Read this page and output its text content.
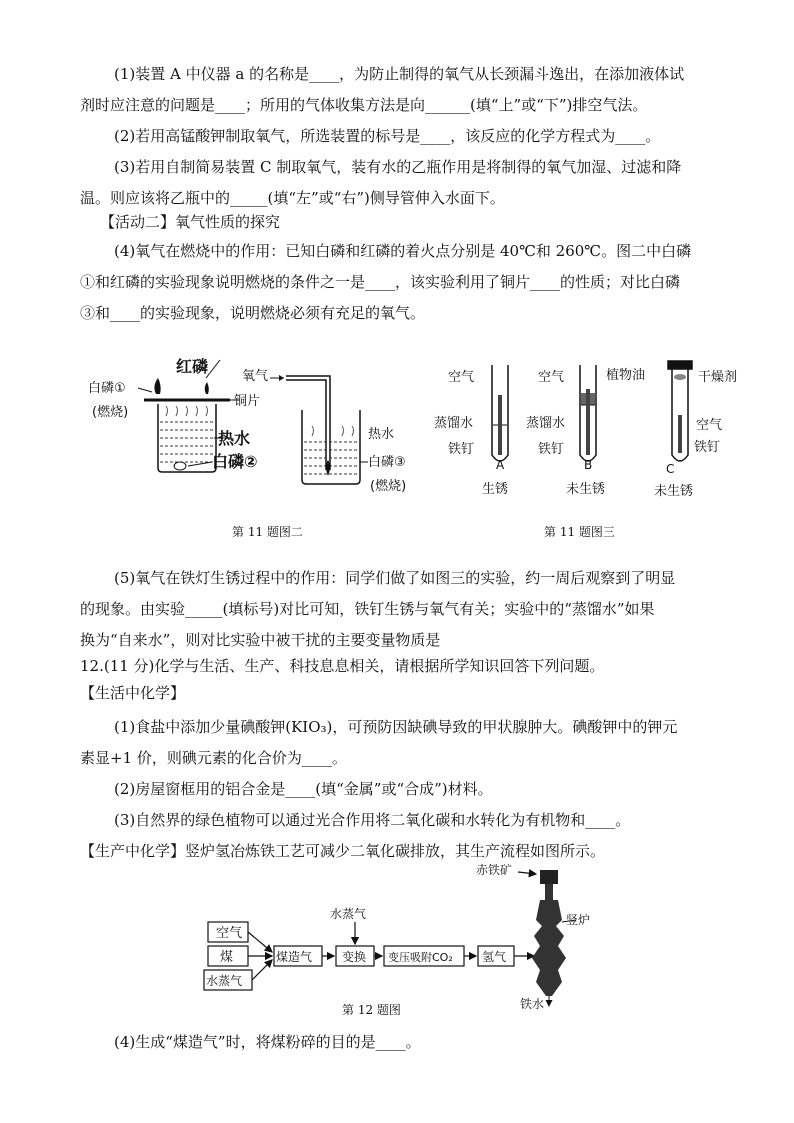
(1)装置 A 中仪器 a 的名称是____，为防止制得的氧气从长颈漏斗逸出，在添加液体试
剂时应注意的问题是____；所用的气体收集方法是向______(填“上”或“下”)排空气法。
(2)若用高锰酸钾制取氧气，所选装置的标号是____，该反应的化学方程式为____。
(3)若用自制简易装置 C 制取氧气，装有水的乙瓶作用是将制得的氧气加湿、过滤和降
温。则应该将乙瓶中的_____(填“左”或“右”)侧导管伸入水面下。
【活动二】氧气性质的探究
(4)氧气在燃烧中的作用：已知白磷和红磷的着火点分别是 40℃和 260℃。图二中白磷
①和红磷的实验现象说明燃烧的条件之一是____，该实验利用了铜片____的性质；对比白磷
③和____的实验现象，说明燃烧必须有充足的氧气。
红磷
白磷①
(燃烧)
铜片
热水
白磷②
氧气
热水
白磷③
(燃烧)
第 11 题图二
空气
蒸馏水
铁钉
A
生锈
空气	植物油
蒸馏水
铁钉
B
未生锈
干燥剂
空气
铁钉
C
未生锈
第 11 题图三
(5)氧气在铁灯生锈过程中的作用：同学们做了如图三的实验，约一周后观察到了明显
的现象。由实验_____(填标号)对比可知，铁钉生锈与氧气有关；实验中的“蒸馏水”如果
换为“自来水”，则对比实验中被干扰的主要变量物质是
12.(11 分)化学与生活、生产、科技息息相关，请根据所学知识回答下列问题。
【生活中化学】
(1)食盐中添加少量碘酸钾(KIO₃)，可预防因缺碘导致的甲状腺肿大。碘酸钾中的钾元
素显+1 价，则碘元素的化合价为____。
(2)房屋窗框用的铝合金是____(填“金属”或“合成”)材料。
(3)自然界的绿色植物可以通过光合作用将二氧化碳和水转化为有机物和____。
【生产中化学】竖炉氢冶炼铁工艺可减少二氧化碳排放，其生产流程如图所示。
空气
煤
水蒸气
煤造气
水蒸气
变换 变压吸附CO₂ 氢气
赤铁矿
竖炉
铁水
第 12 题图
(4)生成“煤造气”时，将煤粉碎的目的是____。
